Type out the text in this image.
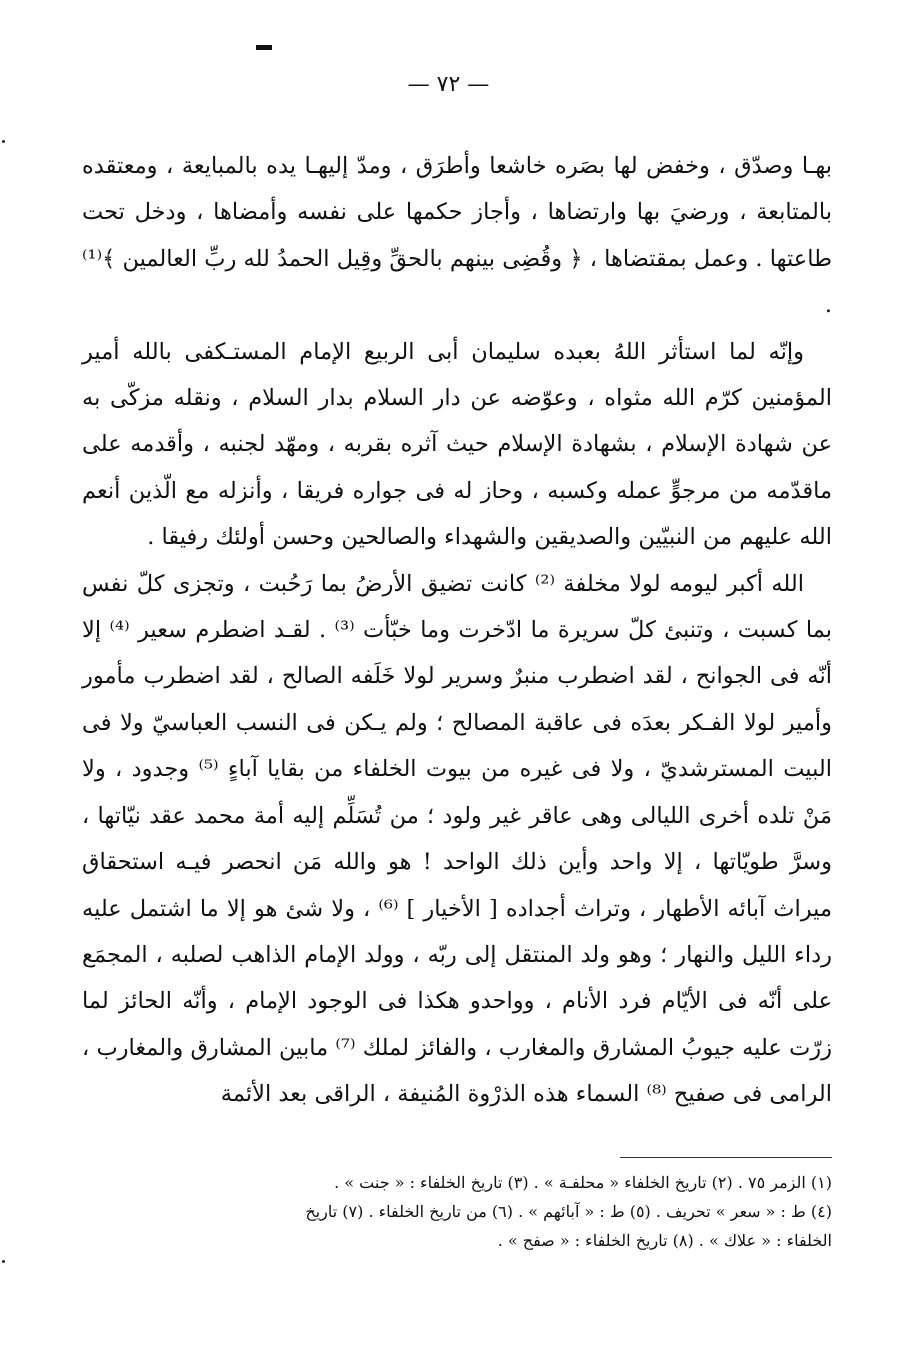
— ٧٢ —

بهـا وصدّق ، وخفض لها بصَره خاشعا وأطرَق ، ومدّ إليهـا يده بالمبايعة ، ومعتقده بالمتابعة ، ورضيَ بها وارتضاها ، وأجاز حكمها على نفسه وأمضاها ، ودخل تحت طاعتها . وعمل بمقتضاها ، ﴿ وقُضِى بينهم بالحقِّ وقِيل الحمدُ لله ربِّ العالمين ﴾⁽¹⁾ .

وإنّه لما استأثر اللهُ بعبده سليمان أبى الربيع الإمام المستـكفى بالله أمير المؤمنين كرّم الله مثواه ، وعوّضه عن دار السلام بدار السلام ، ونقله مزكّى به عن شهادة الإسلام ، بشهادة الإسلام حيث آثره بقربه ، ومهّد لجنبه ، وأقدمه على ماقدّمه من مرجوٍّ عمله وكسبه ، وحاز له فى جواره فريقا ، وأنزله مع الّذين أنعم الله عليهم من النبيّين والصديقين والشهداء والصالحين وحسن أولئك رفيقا .

الله أكبر ليومه لولا مخلفة ⁽²⁾ كانت تضيق الأرضُ بما رَحُبت ، وتجزى كلّ نفس بما كسبت ، وتنبئ كلّ سريرة ما ادّخرت وما خبّأت ⁽³⁾ . لقـد اضطرم سعير ⁽⁴⁾ إلا أنّه فى الجوانح ، لقد اضطرب منبرٌ وسرير لولا خَلَفه الصالح ، لقد اضطرب مأمور وأمير لولا الفـكر بعدَه فى عاقبة المصالح ؛ ولم يـكن فى النسب العباسيّ ولا فى البيت المسترشديّ ، ولا فى غيره من بيوت الخلفاء من بقايا آباءٍ ⁽⁵⁾ وجدود ، ولا مَنْ تلده أخرى الليالى وهى عاقر غير ولود ؛ من تُسَلِّم إليه أمة محمد عقد نيّاتها ، وسرَّ طويّاتها ، إلا واحد وأين ذلك الواحد ! هو والله مَن انحصر فيـه استحقاق ميراث آبائه الأطهار ، وتراث أجداده [ الأخيار ] ⁽⁶⁾ ، ولا شئ هو إلا ما اشتمل عليه رداء الليل والنهار ؛ وهو ولد المنتقل إلى ربّه ، وولد الإمام الذاهب لصلبه ، المجمَع على أنّه فى الأيّام فرد الأنام ، وواحدو هكذا فى الوجود الإمام ، وأنّه الحائز لما زرّت عليه جيوبُ المشارق والمغارب ، والفائز لملك ⁽⁷⁾ مابين المشارق والمغارب ، الرامى فى صفيح ⁽⁸⁾ السماء هذه الذرْوة المُنيفة ، الراقى بعد الأئمة

(١) الزمر ٧٥ . (٢) تاريخ الخلفاء « محلفـة » . (٣) تاريخ الخلفاء : « جنت » .
(٤) ط : « سعر » تحريف . (٥) ط : « آبائهم » . (٦) من تاريخ الخلفاء . (٧) تاريخ
الخلفاء : « علاك » . (٨) تاريخ الخلفاء : « صفح » .
